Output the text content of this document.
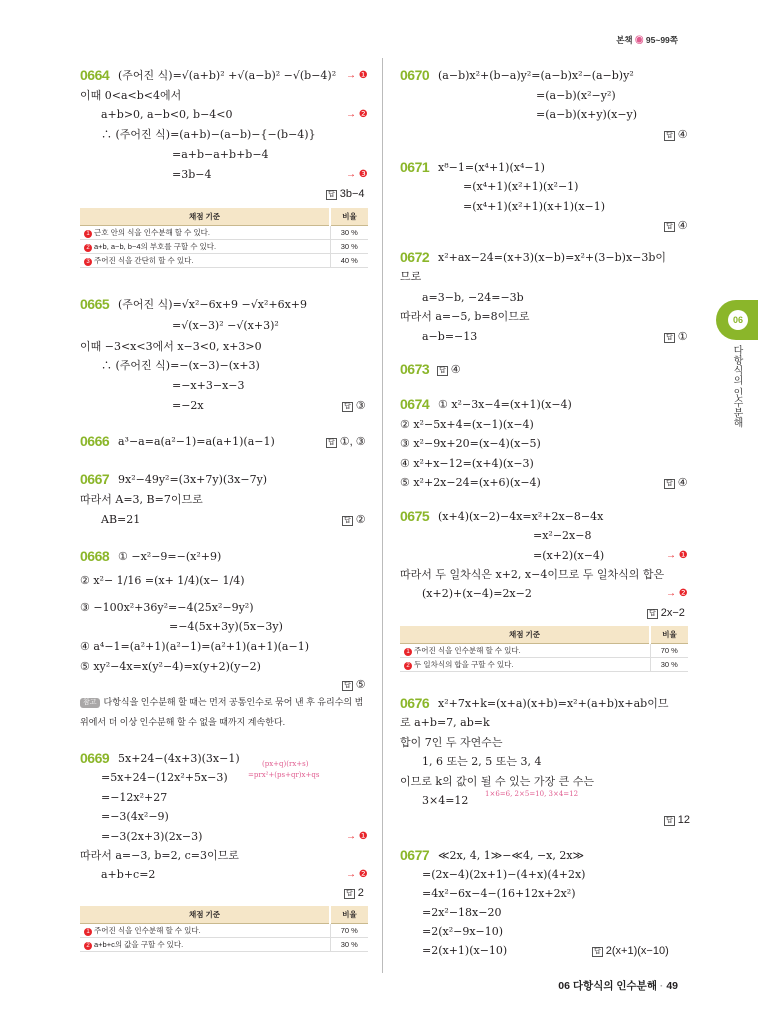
본책 ◉ 95~99쪽
0664 (주어진 식)=√(a+b)² +√(a−b)² −√(b−4)² → ❶
이때 0<a<b<4에서
a+b>0, a−b<0, b−4<0	→ ❷
∴ (주어진 식)=(a+b)−(a−b)−{−(b−4)}
=a+b−a+b+b−4
=3b−4	→ ❸
답 3b−4
채점 기준	비율
1 근호 안의 식을 인수분해 할 수 있다.	30 %
2 a+b, a−b, b−4의 부호를 구할 수 있다.	30 %
3 주어진 식을 간단히 할 수 있다.	40 %
0665 (주어진 식)=√x²−6x+9 −√x²+6x+9
=√(x−3)² −√(x+3)²
이때 −3<x<3에서 x−3<0, x+3>0
∴ (주어진 식)=−(x−3)−(x+3)
=−x+3−x−3
=−2x	답 ③
0666 a³−a=a(a²−1)=a(a+1)(a−1)	답 ①, ③
0667 9x²−49y²=(3x+7y)(3x−7y)
따라서 A=3, B=7이므로
AB=21	답 ②
0668 ① −x²−9=−(x²+9)
② x²− 1/16 =(x+ 1/4)(x− 1/4)
③ −100x²+36y²=−4(25x²−9y²)
=−4(5x+3y)(5x−3y)
④ a⁴−1=(a²+1)(a²−1)=(a²+1)(a+1)(a−1)
⑤ xy²−4x=x(y²−4)=x(y+2)(y−2)
답 ⑤
참고 다항식을 인수분해 할 때는 먼저 공통인수로 묶어 낸 후 유리수의 범위에서 더 이상 인수분해 할 수 없을 때까지 계속한다.
0669 5x+24−(4x+3)(3x−1)	(px+q)(rx+s)
=prx²+(ps+qr)x+qs
=5x+24−(12x²+5x−3)
=−12x²+27
=−3(4x²−9)
=−3(2x+3)(2x−3)	→ ❶
따라서 a=−3, b=2, c=3이므로
a+b+c=2	→ ❷
답 2
채점 기준	비율
1 주어진 식을 인수분해 할 수 있다.	70 %
2 a+b+c의 값을 구할 수 있다.	30 %
0670 (a−b)x²+(b−a)y²=(a−b)x²−(a−b)y²
=(a−b)(x²−y²)
=(a−b)(x+y)(x−y)
답 ④
0671 x⁸−1=(x⁴+1)(x⁴−1)
=(x⁴+1)(x²+1)(x²−1)
=(x⁴+1)(x²+1)(x+1)(x−1)
답 ④
0672 x²+ax−24=(x+3)(x−b)=x²+(3−b)x−3b이
므로
a=3−b, −24=−3b
따라서 a=−5, b=8이므로
a−b=−13	답 ①
0673 답 ④
0674 ① x²−3x−4=(x+1)(x−4)
② x²−5x+4=(x−1)(x−4)
③ x²−9x+20=(x−4)(x−5)
④ x²+x−12=(x+4)(x−3)
⑤ x²+2x−24=(x+6)(x−4)	답 ④
0675 (x+4)(x−2)−4x=x²+2x−8−4x
=x²−2x−8
=(x+2)(x−4)	→ ❶
따라서 두 일차식은 x+2, x−4이므로 두 일차식의 합은
(x+2)+(x−4)=2x−2	→ ❷
답 2x−2
채점 기준	비율
1 주어진 식을 인수분해 할 수 있다.	70 %
2 두 일차식의 합을 구할 수 있다.	30 %
0676 x²+7x+k=(x+a)(x+b)=x²+(a+b)x+ab이므
로 a+b=7, ab=k
합이 7인 두 자연수는
1, 6 또는 2, 5 또는 3, 4
이므로 k의 값이 될 수 있는 가장 큰 수는
1×6=6, 2×5=10, 3×4=12
3×4=12
답 12
0677 ≪2x, 4, 1≫−≪4, −x, 2x≫
=(2x−4)(2x+1)−(4+x)(4+2x)
=4x²−6x−4−(16+12x+2x²)
=2x²−18x−20
=2(x²−9x−10)
=2(x+1)(x−10)	답 2(x+1)(x−10)
06
다항식의 인수분해
06 다항식의 인수분해 · 49
